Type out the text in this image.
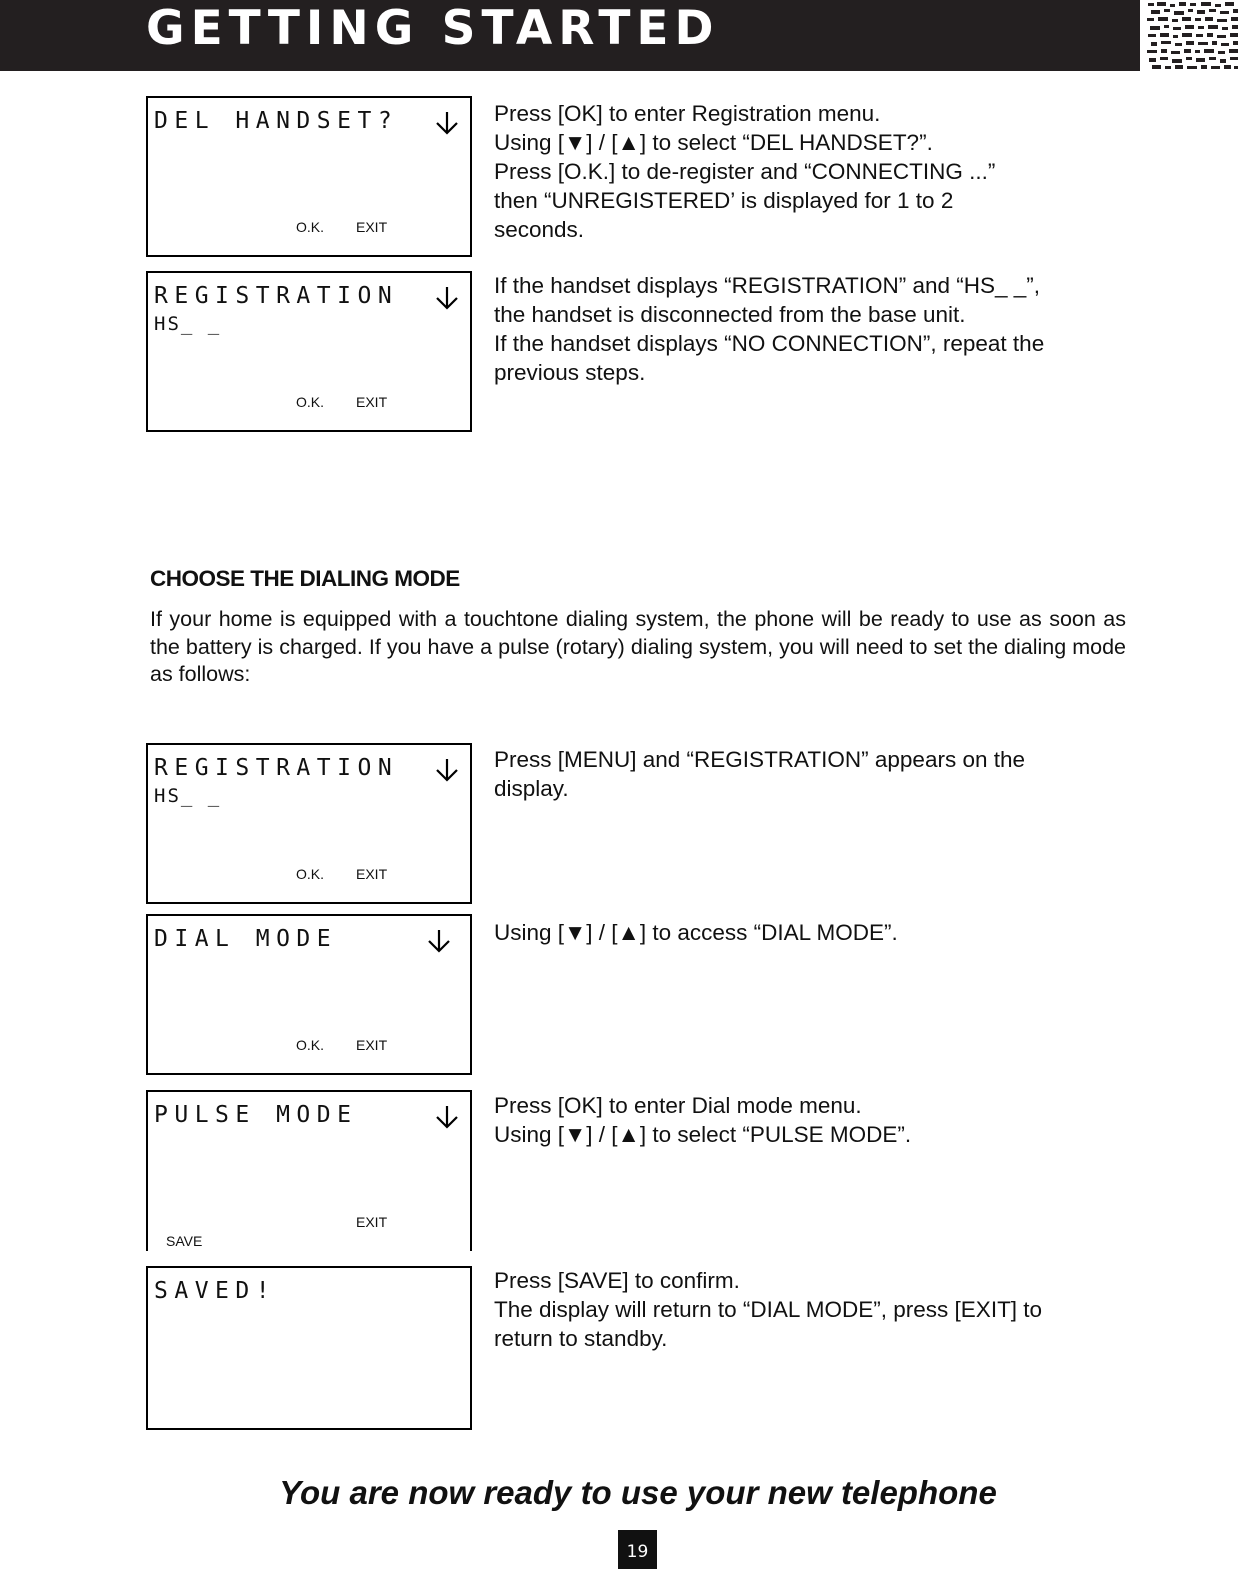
GETTING STARTED
DEL HANDSET?
O.K. EXIT

Press [OK] to enter Registration menu.

Using [▼] / [▲] to select “DEL HANDSET?”.

Press [O.K.] to de-register and “CONNECTING ...”

then “UNREGISTERED’ is displayed for 1 to 2

seconds.

REGISTRATION
HS_ _
O.K. EXIT

If the handset displays “REGISTRATION” and “HS_ _”,

the handset is disconnected from the base unit.

If the handset displays “NO CONNECTION”, repeat the

previous steps.

CHOOSE THE DIALING MODE

If your home is equipped with a touchtone dialing system, the phone will be ready to use as soon as the battery is charged. If you have a pulse (rotary) dialing system, you will need to set the dialing mode as follows:

REGISTRATION
HS_ _
O.K. EXIT

Press [MENU] and “REGISTRATION” appears on the

display.

DIAL MODE
O.K. EXIT

Using [▼] / [▲] to access “DIAL MODE”.

PULSE MODE
SAVE
EXIT

Press [OK] to enter Dial mode menu.

Using [▼] / [▲] to select “PULSE MODE”.

SAVED!	Press [SAVE] to confirm.

The display will return to “DIAL MODE”, press [EXIT] to

return to standby.

You are now ready to use your new telephone

19
